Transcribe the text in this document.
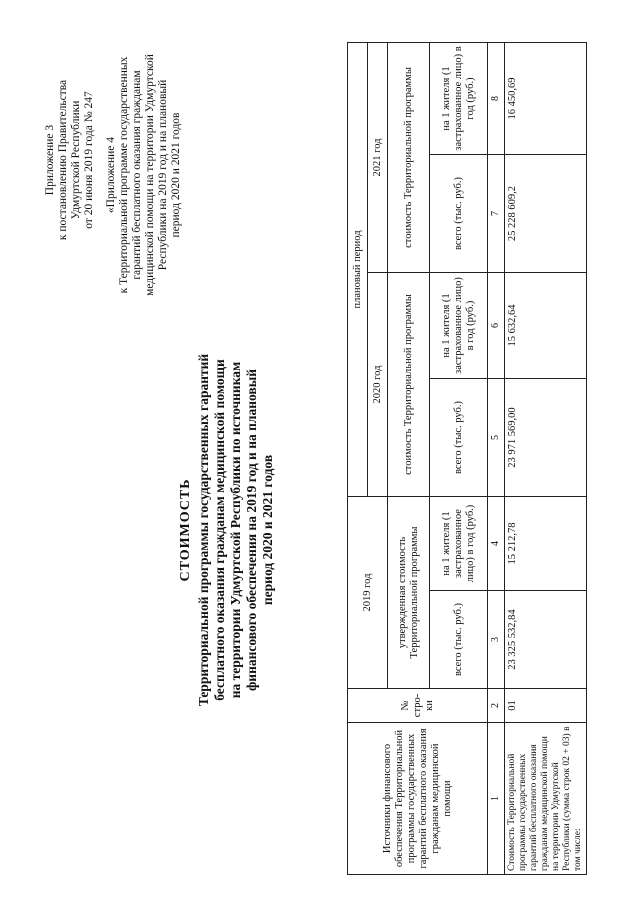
Приложение 3 к постановлению Правительства Удмуртской Республики от 20 июня 2019 года № 247 «Приложение 4 к Территориальной программе государственных гарантий бесплатного оказания гражданам медицинской помощи на территории Удмуртской Республики на 2019 год и на плановый период 2020 и 2021 годов
СТОИМОСТЬ Территориальной программы государственных гарантий бесплатного оказания гражданам медицинской помощи на территории Удмуртской Республики по источникам финансового обеспечения на 2019 год и на плановый период 2020 и 2021 годов
Источники финансового обеспечения Территориальной программы государственных гарантий бесплатного оказания гражданам медицинской помощи	№ стро-ки	2019 год		плановый период			
				2020 год		2021 год	
		утвержденная стоимость Территориальной программы		стоимость Территориальной программы		стоимость Территориальной программы	
		всего (тыс. руб.)	на 1 жителя (1 застрахованное лицо) в год (руб.)	всего (тыс. руб.)	на 1 жителя (1 застрахованное лицо) в год (руб.)	всего (тыс. руб.)	на 1 жителя (1 застрахованное лицо) в год (руб.)
1	2	3	4	5	6	7	8
Стоимость Территориальной программы государственных гарантий бесплатного оказания гражданам медицинской помощи на территории Удмуртской Республики (сумма строк 02 + 03) в том числе:	01	23 325 532,84	15 212,78	23 971 569,00	15 632,64	25 228 609,2	16 450,69
